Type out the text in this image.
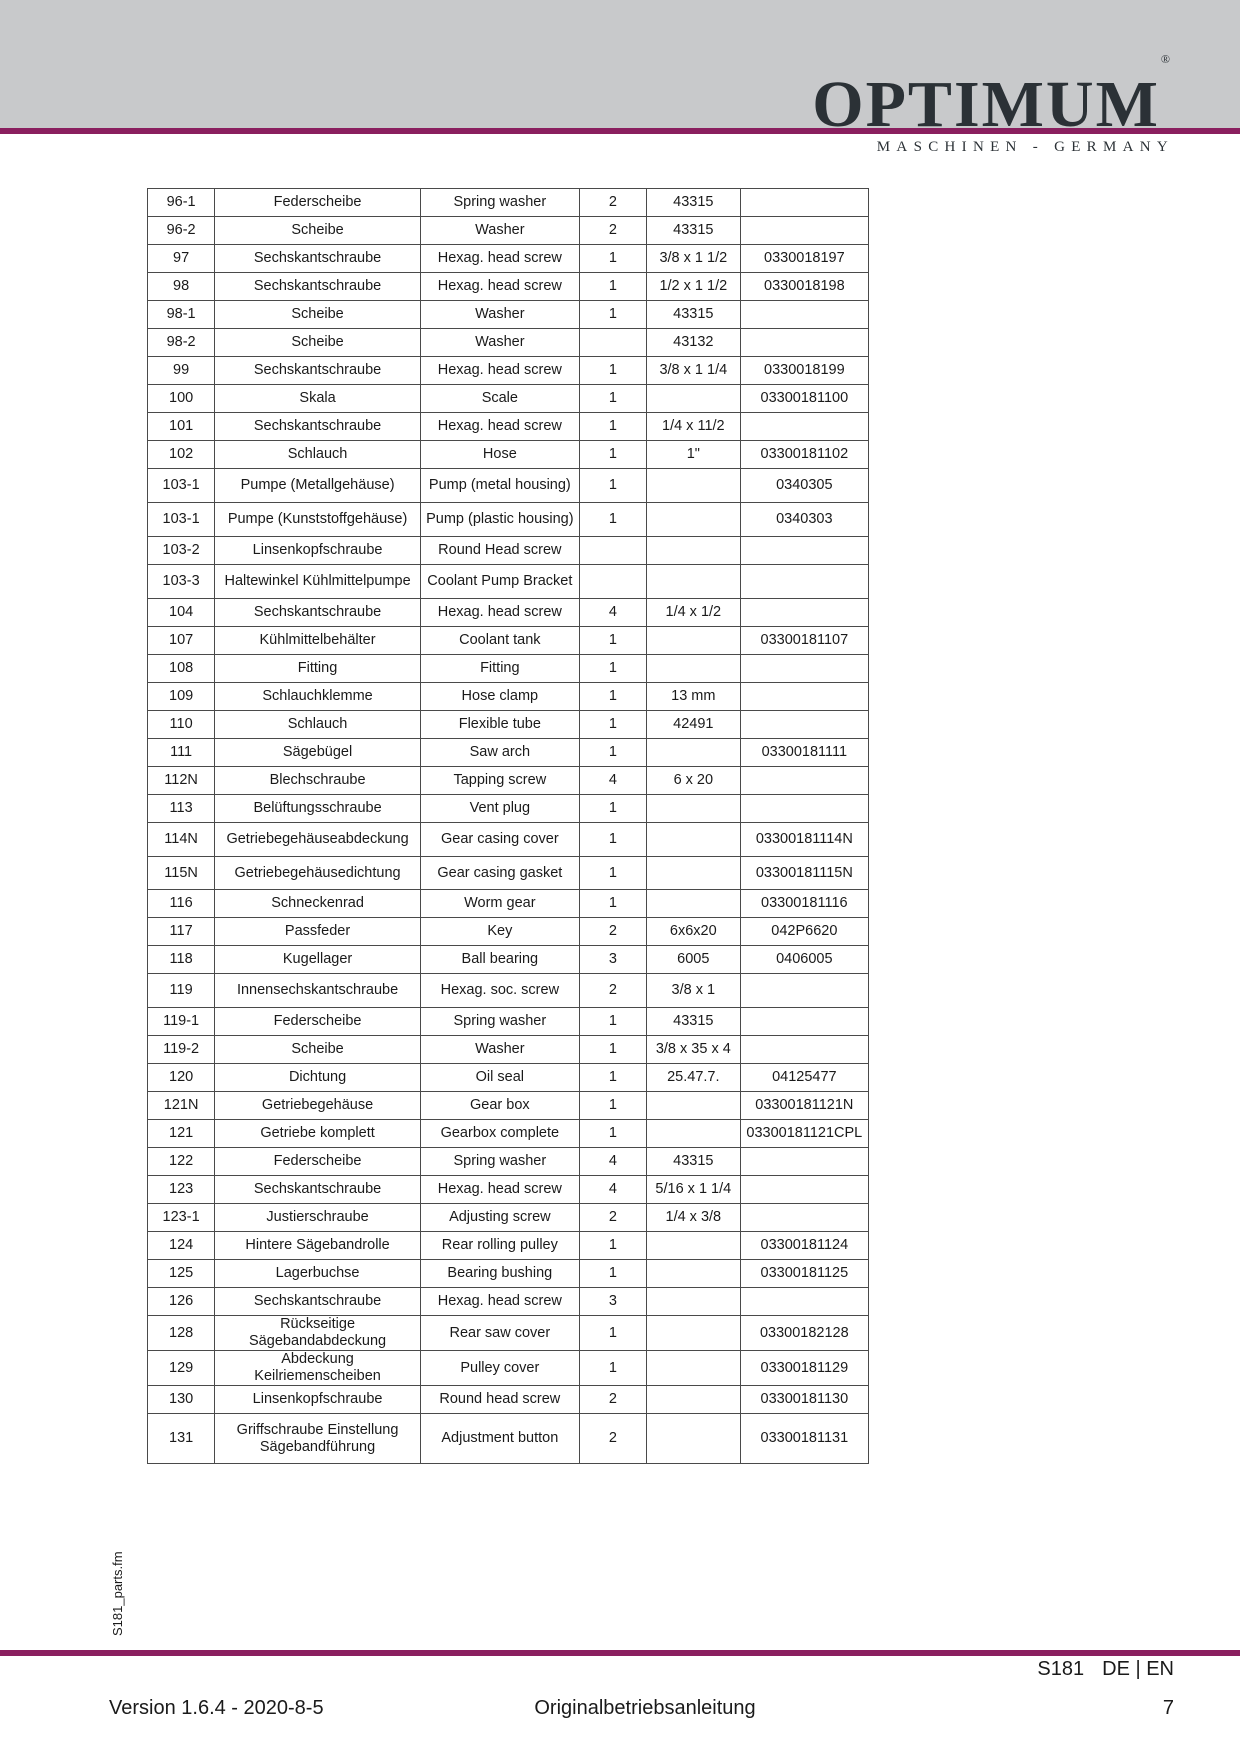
OPTIMUM®
MASCHINEN - GERMANY
96-1	Federscheibe	Spring washer	2	43315	
96-2	Scheibe	Washer	2	43315	
97	Sechskantschraube	Hexag. head screw	1	3/8 x 1 1/2	0330018197
98	Sechskantschraube	Hexag. head screw	1	1/2 x 1 1/2	0330018198
98-1	Scheibe	Washer	1	43315	
98-2	Scheibe	Washer		43132	
99	Sechskantschraube	Hexag. head screw	1	3/8 x 1 1/4	0330018199
100	Skala	Scale	1		03300181100
101	Sechskantschraube	Hexag. head screw	1	1/4 x 11/2	
102	Schlauch	Hose	1	1"	03300181102
103-1	Pumpe (Metallgehäuse)	Pump (metal housing)	1		0340305
103-1	Pumpe (Kunststoffgehäuse)	Pump (plastic housing)	1		0340303
103-2	Linsenkopfschraube	Round Head screw			
103-3	Haltewinkel Kühlmittelpumpe	Coolant Pump Bracket			
104	Sechskantschraube	Hexag. head screw	4	1/4 x 1/2	
107	Kühlmittelbehälter	Coolant tank	1		03300181107
108	Fitting	Fitting	1		
109	Schlauchklemme	Hose clamp	1	13 mm	
110	Schlauch	Flexible tube	1	42491	
111	Sägebügel	Saw arch	1		03300181111
112N	Blechschraube	Tapping screw	4	6 x 20	
113	Belüftungsschraube	Vent plug	1		
114N	Getriebegehäuseabdeckung	Gear casing cover	1		03300181114N
115N	Getriebegehäusedichtung	Gear casing gasket	1		03300181115N
116	Schneckenrad	Worm gear	1		03300181116
117	Passfeder	Key	2	6x6x20	042P6620
118	Kugellager	Ball bearing	3	6005	0406005
119	Innensechskantschraube	Hexag. soc. screw	2	3/8 x 1	
119-1	Federscheibe	Spring washer	1	43315	
119-2	Scheibe	Washer	1	3/8 x 35 x 4	
120	Dichtung	Oil seal	1	25.47.7.	04125477
121N	Getriebegehäuse	Gear box	1		03300181121N
121	Getriebe komplett	Gearbox complete	1		03300181121CPL
122	Federscheibe	Spring washer	4	43315	
123	Sechskantschraube	Hexag. head screw	4	5/16 x 1 1/4	
123-1	Justierschraube	Adjusting screw	2	1/4 x 3/8	
124	Hintere Sägebandrolle	Rear rolling pulley	1		03300181124
125	Lagerbuchse	Bearing bushing	1		03300181125
126	Sechskantschraube	Hexag. head screw	3		
128	Rückseitige Sägebandabdeckung	Rear saw cover	1		03300182128
129	Abdeckung Keilriemenscheiben	Pulley cover	1		03300181129
130	Linsenkopfschraube	Round head screw	2		03300181130
131	Griffschraube Einstellung Sägebandführung	Adjustment button	2		03300181131
S181_parts.fm
S181 DE | EN
Version 1.6.4 - 2020-8-5	Originalbetriebsanleitung	7
